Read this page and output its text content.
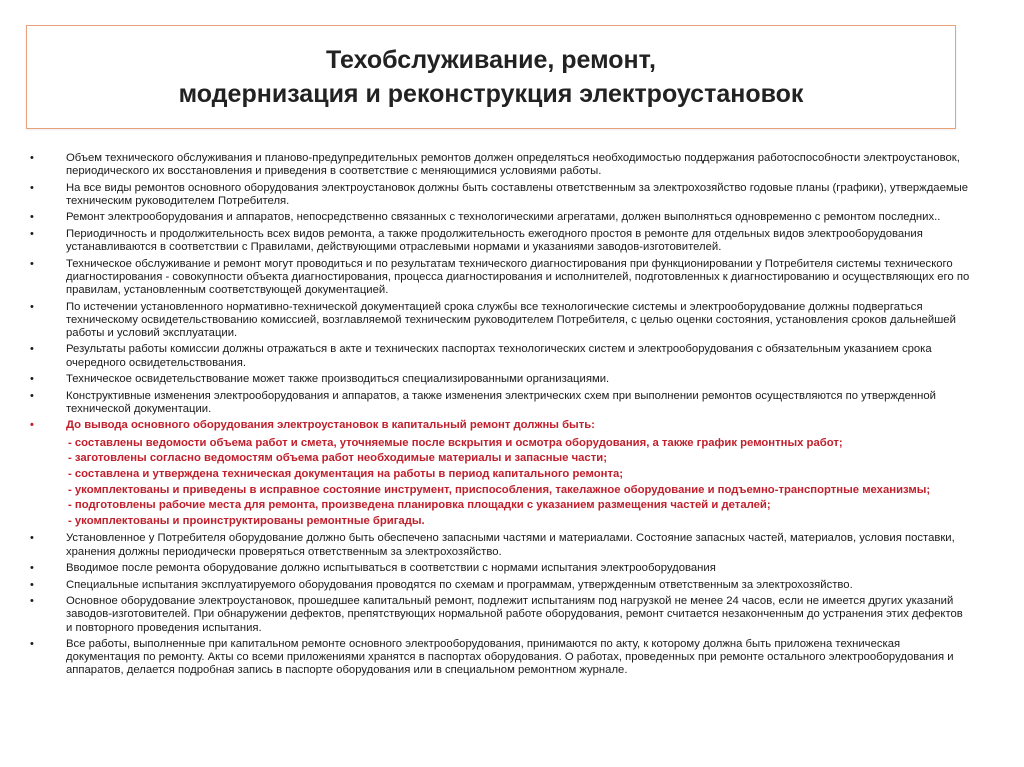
Техобслуживание, ремонт,
модернизация и реконструкция электроустановок
•	Объем технического обслуживания и планово-предупредительных ремонтов должен определяться необходимостью поддержания работоспособности электроустановок, периодического их восстановления и приведения в соответствие с меняющимися условиями работы.
•	На все виды ремонтов основного оборудования электроустановок должны быть составлены ответственным за электрохозяйство годовые планы (графики), утверждаемые техническим руководителем Потребителя.
•	Ремонт электрооборудования и аппаратов, непосредственно связанных с технологическими агрегатами, должен выполняться одновременно с ремонтом последних..
•	Периодичность и продолжительность всех видов ремонта, а также продолжительность ежегодного простоя в ремонте для отдельных видов электрооборудования устанавливаются в соответствии с Правилами, действующими отраслевыми нормами и указаниями заводов-изготовителей.
•	Техническое обслуживание и ремонт могут проводиться и по результатам технического диагностирования при функционировании у Потребителя системы технического диагностирования - совокупности объекта диагностирования, процесса диагностирования и исполнителей, подготовленных к диагностированию и осуществляющих его по правилам, установленным соответствующей документацией.
•	По истечении установленного нормативно-технической документацией срока службы все технологические системы и электрооборудование должны подвергаться техническому освидетельствованию комиссией, возглавляемой техническим руководителем Потребителя, с целью оценки состояния, установления сроков дальнейшей работы и условий эксплуатации.
•	Результаты работы комиссии должны отражаться в акте и технических паспортах технологических систем и электрооборудования с обязательным указанием срока очередного освидетельствования.
•	Техническое освидетельствование может также производиться специализированными организациями.
•	Конструктивные изменения электрооборудования и аппаратов, а также изменения электрических схем при выполнении ремонтов осуществляются по утвержденной технической документации.
•	До вывода основного оборудования электроустановок в капитальный ремонт должны быть:
- составлены ведомости объема работ и смета, уточняемые после вскрытия и осмотра оборудования, а также график ремонтных работ;
- заготовлены согласно ведомостям объема работ необходимые материалы и запасные части;
- составлена и утверждена техническая документация на работы в период капитального ремонта;
- укомплектованы и приведены в исправное состояние инструмент, приспособления, такелажное оборудование и подъемно-транспортные механизмы;
- подготовлены рабочие места для ремонта, произведена планировка площадки с указанием размещения частей и деталей;
- укомплектованы и проинструктированы ремонтные бригады.
•	Установленное у Потребителя оборудование должно быть обеспечено запасными частями и материалами. Состояние запасных частей, материалов, условия поставки, хранения должны периодически проверяться ответственным за электрохозяйство.
•	Вводимое после ремонта оборудование должно испытываться в соответствии с нормами испытания электрооборудования
•	Специальные испытания эксплуатируемого оборудования проводятся по схемам и программам, утвержденным ответственным за электрохозяйство.
•	Основное оборудование электроустановок, прошедшее капитальный ремонт, подлежит испытаниям под нагрузкой не менее 24 часов, если не имеется других указаний заводов-изготовителей. При обнаружении дефектов, препятствующих нормальной работе оборудования, ремонт считается незаконченным до устранения этих дефектов и повторного проведения испытания.
•	Все работы, выполненные при капитальном ремонте основного электрооборудования, принимаются по акту, к которому должна быть приложена техническая документация по ремонту. Акты со всеми приложениями хранятся в паспортах оборудования. О работах, проведенных при ремонте остального электрооборудования и аппаратов, делается подробная запись в паспорте оборудования или в специальном ремонтном журнале.
